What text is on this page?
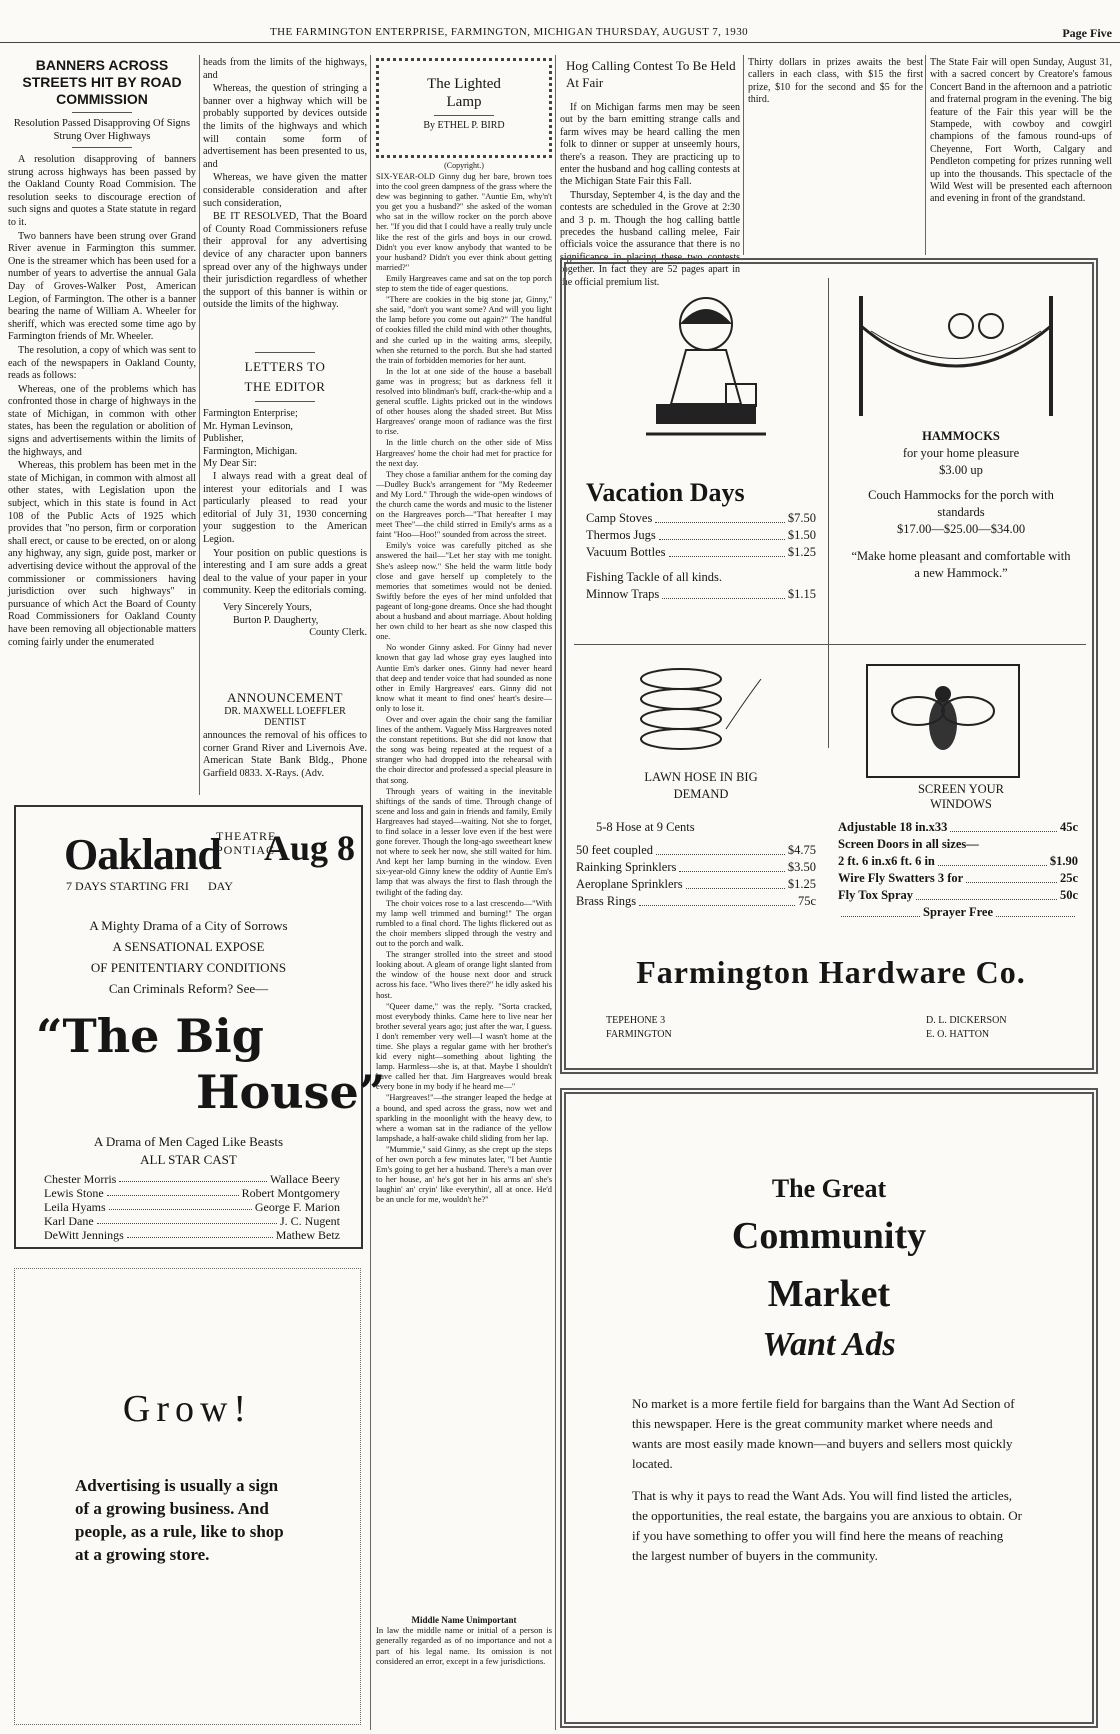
THE FARMINGTON ENTERPRISE, FARMINGTON, MICHIGAN THURSDAY, AUGUST 7, 1930	Page Five
BANNERS ACROSS STREETS HIT BY ROAD COMMISSION
Resolution Passed Disapproving Of Signs Strung Over Highways

A resolution disapproving of banners strung across highways has been passed by the Oakland County Road Commision. The resolution seeks to discourage erection of such signs and quotes a State statute in regard to it.

Two banners have been strung over Grand River avenue in Farmington this summer. One is the streamer which has been used for a number of years to advertise the annual Gala Day of Groves-Walker Post, American Legion, of Farmington. The other is a banner bearing the name of William A. Wheeler for sheriff, which was erected some time ago by Farmington friends of Mr. Wheeler.

The resolution, a copy of which was sent to each of the newspapers in Oakland County, reads as follows:

Whereas, one of the problems which has confronted those in charge of highways in the state of Michigan, in common with other states, has been the regulation or abolition of signs and advertisements within the limits of the highways, and

Whereas, this problem has been met in the state of Michigan, in common with almost all other states, with Legislation upon the subject, which in this state is found in Act 108 of the Public Acts of 1925 which provides that "no person, firm or corporation shall erect, or cause to be erected, on or along any highway, any sign, guide post, marker or advertising device without the approval of the commissioner or commissioners having jurisdiction over such highways" in pursuance of which Act the Board of County Road Commissioners for Oakland County have been removing all objectionable matters coming fairly under the enumerated

heads from the limits of the highways, and

Whereas, the question of stringing a banner over a highway which will be probably supported by devices outside the limits of the highways and which will contain some form of advertisement has been presented to us, and

Whereas, we have given the matter considerable consideration and after such consideration,

BE IT RESOLVED, That the Board of County Road Commissioners refuse their approval for any advertising device of any character upon banners spread over any of the highways under their jurisdiction regardless of whether the support of this banner is within or outside the limits of the highway.

LETTERS TO THE EDITOR
Farmington Enterprise;
Mr. Hyman Levinson,
Publisher,
Farmington, Michigan.
My Dear Sir:

I always read with a great deal of interest your editorials and I was particularly pleased to read your editorial of July 31, 1930 concerning your suggestion to the American Legion.

Your position on public questions is interesting and I am sure adds a great deal to the value of your paper in your community. Keep the editorials coming.

Very Sincerely Yours,
Burton P. Daugherty,
County Clerk.
ANNOUNCEMENT
DR. MAXWELL LOEFFLER
DENTIST
announces the removal of his offices to corner Grand River and Livernois Ave. American State Bank Bldg., Phone Garfield 0833. X-Rays. (Adv.
Oakland
THEATRE
PONTIAC
Aug 8
7 DAYS STARTING FRI DAY
A Mighty Drama of a City of Sorrows
A SENSATIONAL EXPOSE
OF PENITENTIARY CONDITIONS
Can Criminals Reform? See—
“The Big
House”
A Drama of Men Caged Like Beasts
ALL STAR CAST
Chester Morris	Wallace Beery
Lewis Stone	Robert Montgomery
Leila Hyams	George F. Marion
Karl Dane	J. C. Nugent
DeWitt Jennings	Mathew Betz
Grow!
Advertising is usually a sign
of a growing business. And
people, as a rule, like to shop
at a growing store.
The Lighted Lamp
By ETHEL P. BIRD
(Copyright.)

SIX-YEAR-OLD Ginny dug her bare, brown toes into the cool green dampness of the grass where the dew was beginning to gather. "Auntie Em, why'n't you get you a husband?" she asked of the woman who sat in the willow rocker on the porch above her. "If you did that I could have a really truly uncle like the rest of the girls and boys in our crowd. Didn't you ever know anybody that wanted to be your husband? Didn't you ever think about getting married?"

Emily Hargreaves came and sat on the top porch step to stem the tide of eager questions.

"There are cookies in the big stone jar, Ginny," she said, "don't you want some? And will you light the lamp before you come out again?" The handful of cookies filled the child mind with other thoughts, and she curled up in the waiting arms, sleepily, when she returned to the porch. But she had started the train of forbidden memories for her aunt.

In the lot at one side of the house a baseball game was in progress; but as darkness fell it resolved into blindman's buff, crack-the-whip and a general scuffle. Lights pricked out in the windows of other houses along the shaded street. But Miss Hargreaves' orange moon of radiance was the first to rise.

In the little church on the other side of Miss Hargreaves' home the choir had met for practice for the next day.

They chose a familiar anthem for the coming day—Dudley Buck's arrangement for "My Redeemer and My Lord." Through the wide-open windows of the church came the words and music to the listener on the Hargreaves porch—"That hereafter I may meet Thee"—the child stirred in Emily's arms as a faint "Hoo—Hoo!" sounded from across the street.

Emily's voice was carefully pitched as she answered the hail—"Let her stay with me tonight. She's asleep now." She held the warm little body close and gave herself up completely to the memories that sometimes would not be denied. Swiftly before the eyes of her mind unfolded that pageant of long-gone dreams. Once she had thought about a husband and about marriage. About holding her own child to her heart as she now clasped this one.

No wonder Ginny asked. For Ginny had never known that gay lad whose gray eyes laughed into Auntie Em's darker ones. Ginny had never heard that deep and tender voice that had sounded as none other in Emily Hargreaves' ears. Ginny did not know what it meant to find ones' heart's desire—only to lose it.

Over and over again the choir sang the familiar lines of the anthem. Vaguely Miss Hargreaves noted the constant repetitions. But she did not know that the song was being repeated at the request of a stranger who had dropped into the rehearsal with the choir director and professed a special pleasure in that song.

Through years of waiting in the inevitable shiftings of the sands of time. Through change of scene and loss and gain in friends and family, Emily Hargreaves had stayed—waiting. Not she to forget, to find solace in a lesser love even if the best were gone forever. Though the long-ago sweetheart knew not where to seek her now, she still waited for him. And kept her lamp burning in the window. Even six-year-old Ginny knew the oddity of Auntie Em's lamp that was always the first to flash through the twilight of the fading day.

The choir voices rose to a last crescendo—"With my lamp well trimmed and burning!" The organ rumbled to a final chord. The lights flickered out as the choir members slipped through the vestry and out to the porch and walk.

The stranger strolled into the street and stood looking about. A gleam of orange light slanted from the window of the house next door and struck across his face. "Who lives there?" he idly asked his host.

"Queer dame," was the reply. "Sorta cracked, most everybody thinks. Came here to live near her brother several years ago; just after the war, I guess. I don't remember very well—I wasn't home at the time. She plays a regular game with her brother's kid every night—something about lighting the lamp. Harmless—she is, at that. Maybe I shouldn't have called her that. Jim Hargreaves would break every bone in my body if he heard me—"

"Hargreaves!"—the stranger leaped the hedge at a bound, and sped across the grass, now wet and sparkling in the moonlight with the heavy dew, to where a woman sat in the radiance of the yellow lampshade, a half-awake child sliding from her lap.

"Mummie," said Ginny, as she crept up the steps of her own porch a few minutes later, "I bet Auntie Em's going to get her a husband. There's a man over to her house, an' he's got her in his arms an' she's laughin' an' cryin' like everythin', all at once. He'd be an uncle for me, wouldn't he?"

Middle Name Unimportant
In law the middle name or initial of a person is generally regarded as of no importance and not a part of his legal name. Its omission is not considered an error, except in a few jurisdictions.
Hog Calling Contest To Be Held At Fair

If on Michigan farms men may be seen out by the barn emitting strange calls and farm wives may be heard calling the men folk to dinner or supper at unseemly hours, there's a reason. They are practicing up to enter the husband and hog calling contests at the Michigan State Fair this Fall.

Thursday, September 4, is the day and the contests are scheduled in the Grove at 2:30 and 3 p. m. Though the hog calling battle precedes the husband calling melee, Fair officials voice the assurance that there is no significance in placing these two contests together. In fact they are 52 pages apart in the official premium list.

Thirty dollars in prizes awaits the best callers in each class, with $15 the first prize, $10 for the second and $5 for the third.

The State Fair will open Sunday, August 31, with a sacred concert by Creatore's famous Concert Band in the afternoon and a patriotic and fraternal program in the evening. The big feature of the Fair this year will be the Stampede, with cowboy and cowgirl champions of the famous round-ups of Cheyenne, Fort Worth, Calgary and Pendleton competing for prizes running well up into the thousands. This spectacle of the Wild West will be presented each afternoon and evening in front of the grandstand.

Vacation Days
Camp Stoves	$7.50
Thermos Jugs	$1.50
Vacuum Bottles	$1.25
Fishing Tackle of all kinds.
Minnow Traps	$1.15
HAMMOCKS
for your home pleasure
$3.00 up
Couch Hammocks for the porch with standards
$17.00—$25.00—$34.00
“Make home pleasant and comfortable with a new Hammock.”
LAWN HOSE IN BIG DEMAND
5-8 Hose at 9 Cents
50 feet coupled	$4.75
Rainking Sprinklers	$3.50
Aeroplane Sprinklers	$1.25
Brass Rings	75c
SCREEN YOUR WINDOWS
Adjustable 18 in.x33	45c
Screen Doors in all sizes—
2 ft. 6 in.x6 ft. 6 in	$1.90
Wire Fly Swatters 3 for	25c
Fly Tox Spray	50c
Sprayer Free
Farmington Hardware Co.
TEPEHONE 3
FARMINGTON
D. L. DICKERSON
E. O. HATTON
The Great
Community
Market
Want Ads
No market is a more fertile field for bargains than the Want Ad Section of this newspaper. Here is the great community market where needs and wants are most easily made known—and buyers and sellers most quickly located.
That is why it pays to read the Want Ads. You will find listed the articles, the opportunities, the real estate, the bargains you are anxious to obtain. Or if you have something to offer you will find here the means of reaching the largest number of buyers in the community.
